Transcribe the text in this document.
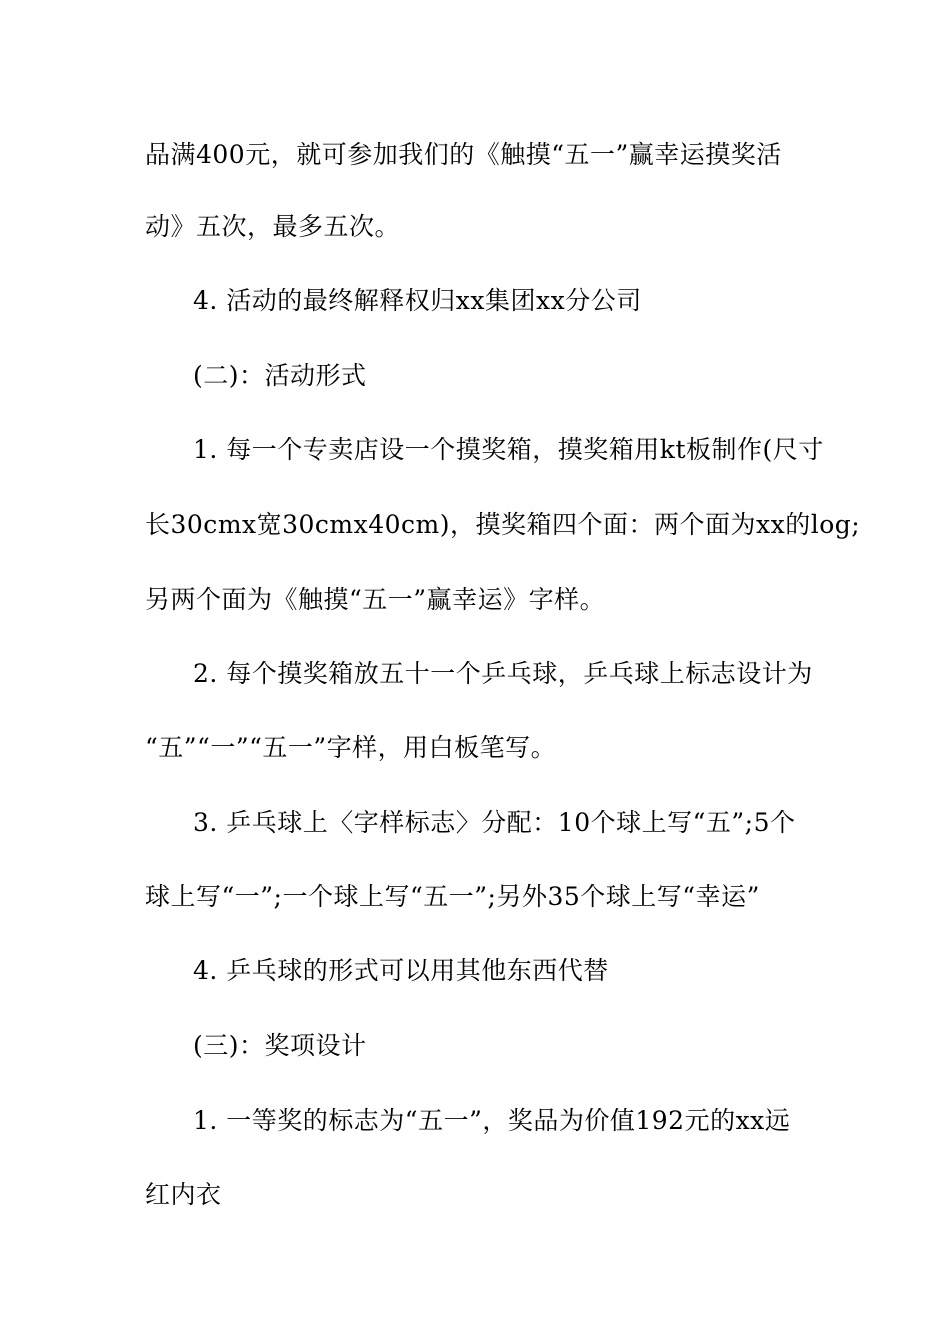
品满400元，就可参加我们的《触摸“五一”赢幸运摸奖活
动》五次，最多五次。
4. 活动的最终解释权归xx集团xx分公司
(二)：活动形式
1. 每一个专卖店设一个摸奖箱，摸奖箱用kt板制作(尺寸
长30cmx宽30cmx40cm)，摸奖箱四个面：两个面为xx的log;
另两个面为《触摸“五一”赢幸运》字样。
2. 每个摸奖箱放五十一个乒乓球，乒乓球上标志设计为
“五”“一”“五一”字样，用白板笔写。
3. 乒乓球上〈字样标志〉分配：10个球上写“五”;5个
球上写“一”;一个球上写“五一”;另外35个球上写“幸运”
4. 乒乓球的形式可以用其他东西代替
(三)：奖项设计
1. 一等奖的标志为“五一”，奖品为价值192元的xx远
红内衣
